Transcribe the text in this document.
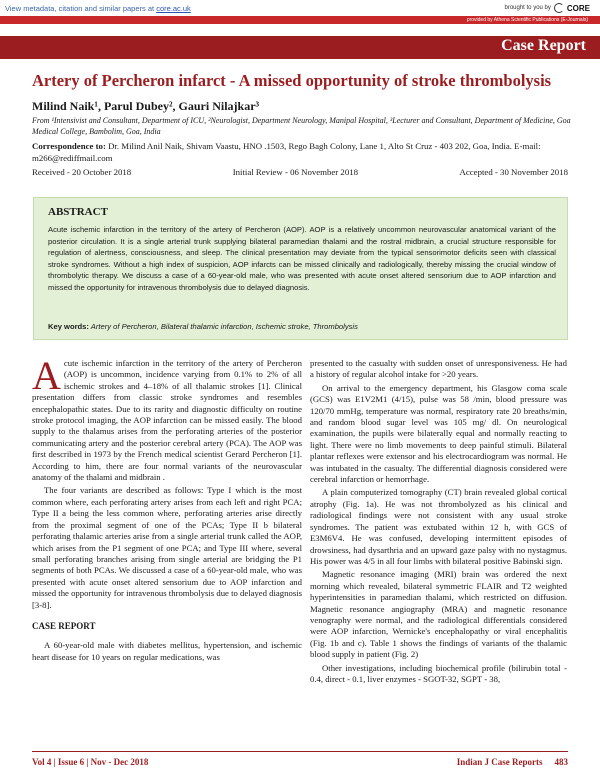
View metadata, citation and similar papers at core.ac.uk	brought to you by CORE
provided by Athena Scientific Publications (E-Journals)
Case Report
Artery of Percheron infarct - A missed opportunity of stroke thrombolysis
Milind Naik¹, Parul Dubey², Gauri Nilajkar³
From ¹Intensivist and Consultant, Department of ICU, ²Neurologist, Department Neurology, Manipal Hospital, ³Lecturer and Consultant, Department of Medicine, Goa Medical College, Bambolim, Goa, India
Correspondence to: Dr. Milind Anil Naik, Shivam Vaastu, HNO .1503, Rego Bagh Colony, Lane 1, Alto St Cruz - 403 202, Goa, India. E-mail: m266@rediffmail.com
Received - 20 October 2018	Initial Review - 06 November 2018	Accepted - 30 November 2018
ABSTRACT
Acute ischemic infarction in the territory of the artery of Percheron (AOP). AOP is a relatively uncommon neurovascular anatomical variant of the posterior circulation. It is a single arterial trunk supplying bilateral paramedian thalami and the rostral midbrain, a crucial structure responsible for regulation of alertness, consciousness, and sleep. The clinical presentation may deviate from the typical sensorimotor deficits seen with classical stroke syndromes. Without a high index of suspicion, AOP infarcts can be missed clinically and radiologically, thereby missing the crucial window of thrombolytic therapy. We discuss a case of a 60-year-old male, who was presented with acute onset altered sensorium due to AOP infarction and missed the opportunity for intravenous thrombolysis due to delayed diagnosis.
Key words: Artery of Percheron, Bilateral thalamic infarction, Ischemic stroke, Thrombolysis

Acute ischemic infarction in the territory of the artery of Percheron (AOP) is uncommon, incidence varying from 0.1% to 2% of all ischemic strokes and 4–18% of all thalamic strokes [1]. Clinical presentation differs from classic stroke syndromes and resembles encephalopathic states. Due to its rarity and diagnostic difficulty on routine stroke protocol imaging, the AOP infarction can be missed easily. The blood supply to the thalamus arises from the perforating arteries of the posterior communicating artery and the posterior cerebral artery (PCA). The AOP was first described in 1973 by the French medical scientist Gerard Percheron [1]. According to him, there are four normal variants of the neurovascular anatomy of the thalami and midbrain .

The four variants are described as follows: Type I which is the most common where, each perforating artery arises from each left and right PCA; Type II a being the less common where, perforating arteries arise directly from the proximal segment of one of the PCAs; Type II b bilateral perforating thalamic arteries arise from a single arterial trunk called the AOP, which arises from the P1 segment of one PCA; and Type III where, several small perforating branches arising from single arterial are bridging the P1 segments of both PCAs. We discussed a case of a 60-year-old male, who was presented with acute onset altered sensorium due to AOP infarction and missed the opportunity for intravenous thrombolysis due to delayed diagnosis [3-8].

CASE REPORT

A 60-year-old male with diabetes mellitus, hypertension, and ischemic heart disease for 10 years on regular medications, was

presented to the casualty with sudden onset of unresponsiveness. He had a history of regular alcohol intake for >20 years.

On arrival to the emergency department, his Glasgow coma scale (GCS) was E1V2M1 (4/15), pulse was 58 /min, blood pressure was 120/70 mmHg, temperature was normal, respiratory rate 20 breaths/min, and random blood sugar level was 105 mg/ dl. On neurological examination, the pupils were bilaterally equal and normally reacting to light. There were no limb movements to deep painful stimuli. Bilateral plantar reflexes were extensor and his electrocardiogram was normal. He was intubated in the casualty. The differential diagnosis considered were cerebral infarction or hemorrhage.

A plain computerized tomography (CT) brain revealed global cortical atrophy (Fig. 1a). He was not thrombolyzed as his clinical and radiological findings were not consistent with any usual stroke syndromes. The patient was extubated within 12 h, with GCS of E3M6V4. He was confused, developing intermittent episodes of drowsiness, had dysarthria and an upward gaze palsy with no nystagmus. His power was 4/5 in all four limbs with bilateral positive Babinski sign.

Magnetic resonance imaging (MRI) brain was ordered the next morning which revealed, bilateral symmetric FLAIR and T2 weighted hyperintensities in paramedian thalami, which restricted on diffusion. Magnetic resonance angiography (MRA) and magnetic resonance venography were normal, and the radiological differentials considered were AOP infarction, Wernicke's encephalopathy or viral encephalitis (Fig. 1b and c). Table 1 shows the findings of variants of the thalamic blood supply in patient (Fig. 2)

Other investigations, including biochemical profile (bilirubin total - 0.4, direct - 0.1, liver enzymes - SGOT-32, SGPT - 38,

Vol 4 | Issue 6 | Nov - Dec 2018	Indian J Case Reports 483
